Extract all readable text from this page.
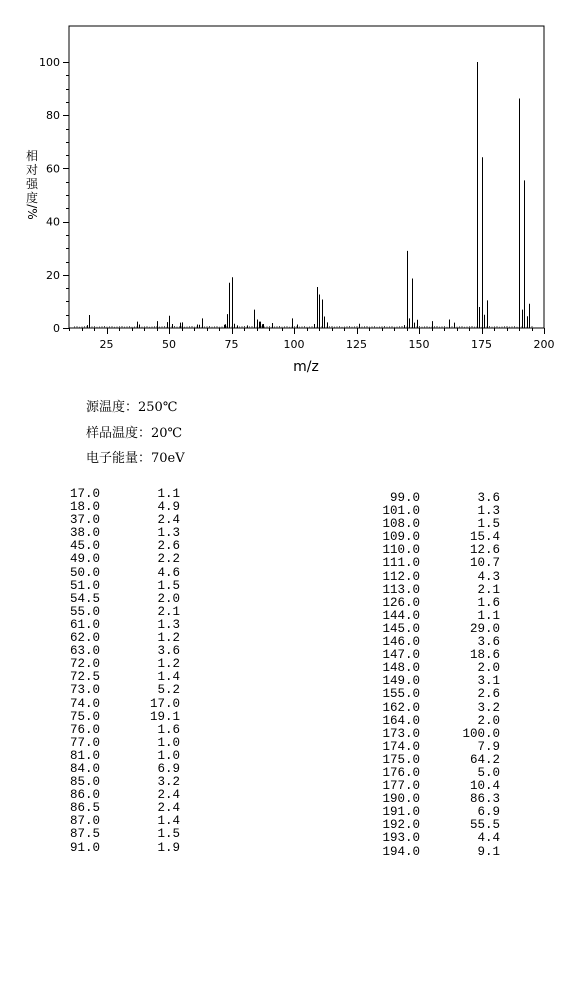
0
20
40
60
80
100
25	50	75	100	125	150	175	200
m/z
相
对
强
度
/%
源温度：250℃
样品温度：20℃
电子能量：70eV
17.0	1.1
18.0	4.9
37.0	2.4
38.0	1.3
45.0	2.6
49.0	2.2
50.0	4.6
51.0	1.5
54.5	2.0
55.0	2.1
61.0	1.3
62.0	1.2
63.0	3.6
72.0	1.2
72.5	1.4
73.0	5.2
74.0	17.0
75.0	19.1
76.0	1.6
77.0	1.0
81.0	1.0
84.0	6.9
85.0	3.2
86.0	2.4
86.5	2.4
87.0	1.4
87.5	1.5
91.0	1.9
99.0	3.6
101.0	1.3
108.0	1.5
109.0	15.4
110.0	12.6
111.0	10.7
112.0	4.3
113.0	2.1
126.0	1.6
144.0	1.1
145.0	29.0
146.0	3.6
147.0	18.6
148.0	2.0
149.0	3.1
155.0	2.6
162.0	3.2
164.0	2.0
173.0	100.0
174.0	7.9
175.0	64.2
176.0	5.0
177.0	10.4
190.0	86.3
191.0	6.9
192.0	55.5
193.0	4.4
194.0	9.1
